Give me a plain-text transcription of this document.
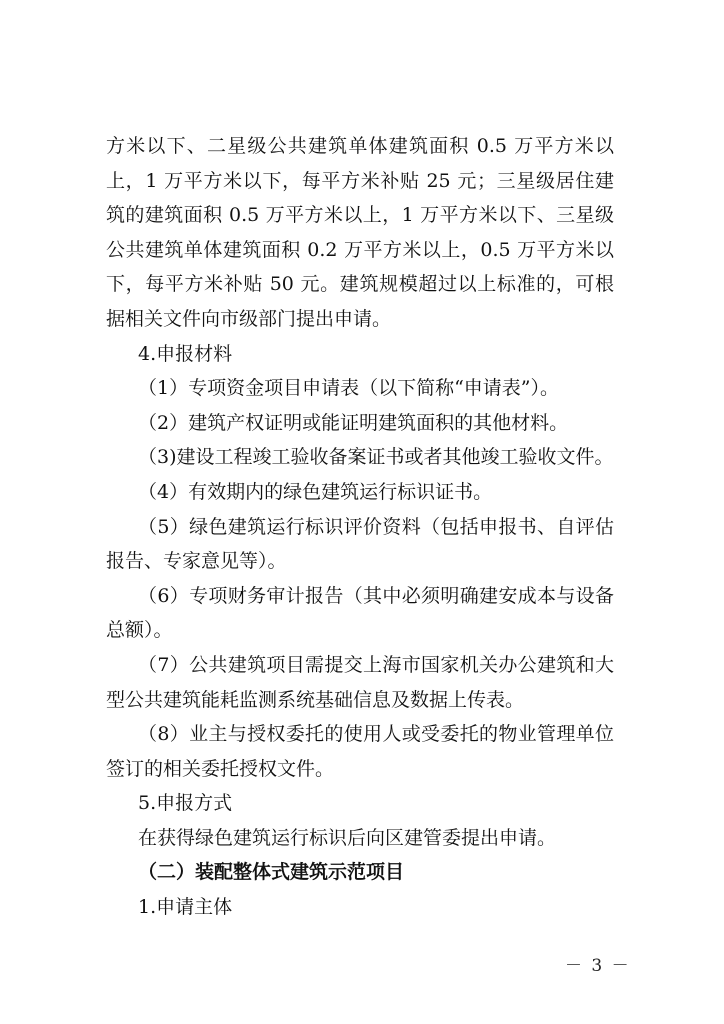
方米以下、二星级公共建筑单体建筑面积 0.5 万平方米以上，1 万平方米以下，每平方米补贴 25 元；三星级居住建筑的建筑面积 0.5 万平方米以上，1 万平方米以下、三星级公共建筑单体建筑面积 0.2 万平方米以上，0.5 万平方米以下，每平方米补贴 50 元。建筑规模超过以上标准的，可根据相关文件向市级部门提出申请。

4.申报材料

（1）专项资金项目申请表（以下简称“申请表”）。

（2）建筑产权证明或能证明建筑面积的其他材料。

（3)建设工程竣工验收备案证书或者其他竣工验收文件。

（4）有效期内的绿色建筑运行标识证书。

（5）绿色建筑运行标识评价资料（包括申报书、自评估报告、专家意见等）。

（6）专项财务审计报告（其中必须明确建安成本与设备总额）。

（7）公共建筑项目需提交上海市国家机关办公建筑和大型公共建筑能耗监测系统基础信息及数据上传表。

（8）业主与授权委托的使用人或受委托的物业管理单位签订的相关委托授权文件。

5.申报方式

在获得绿色建筑运行标识后向区建管委提出申请。

（二）装配整体式建筑示范项目

1.申请主体

－ 3 －
